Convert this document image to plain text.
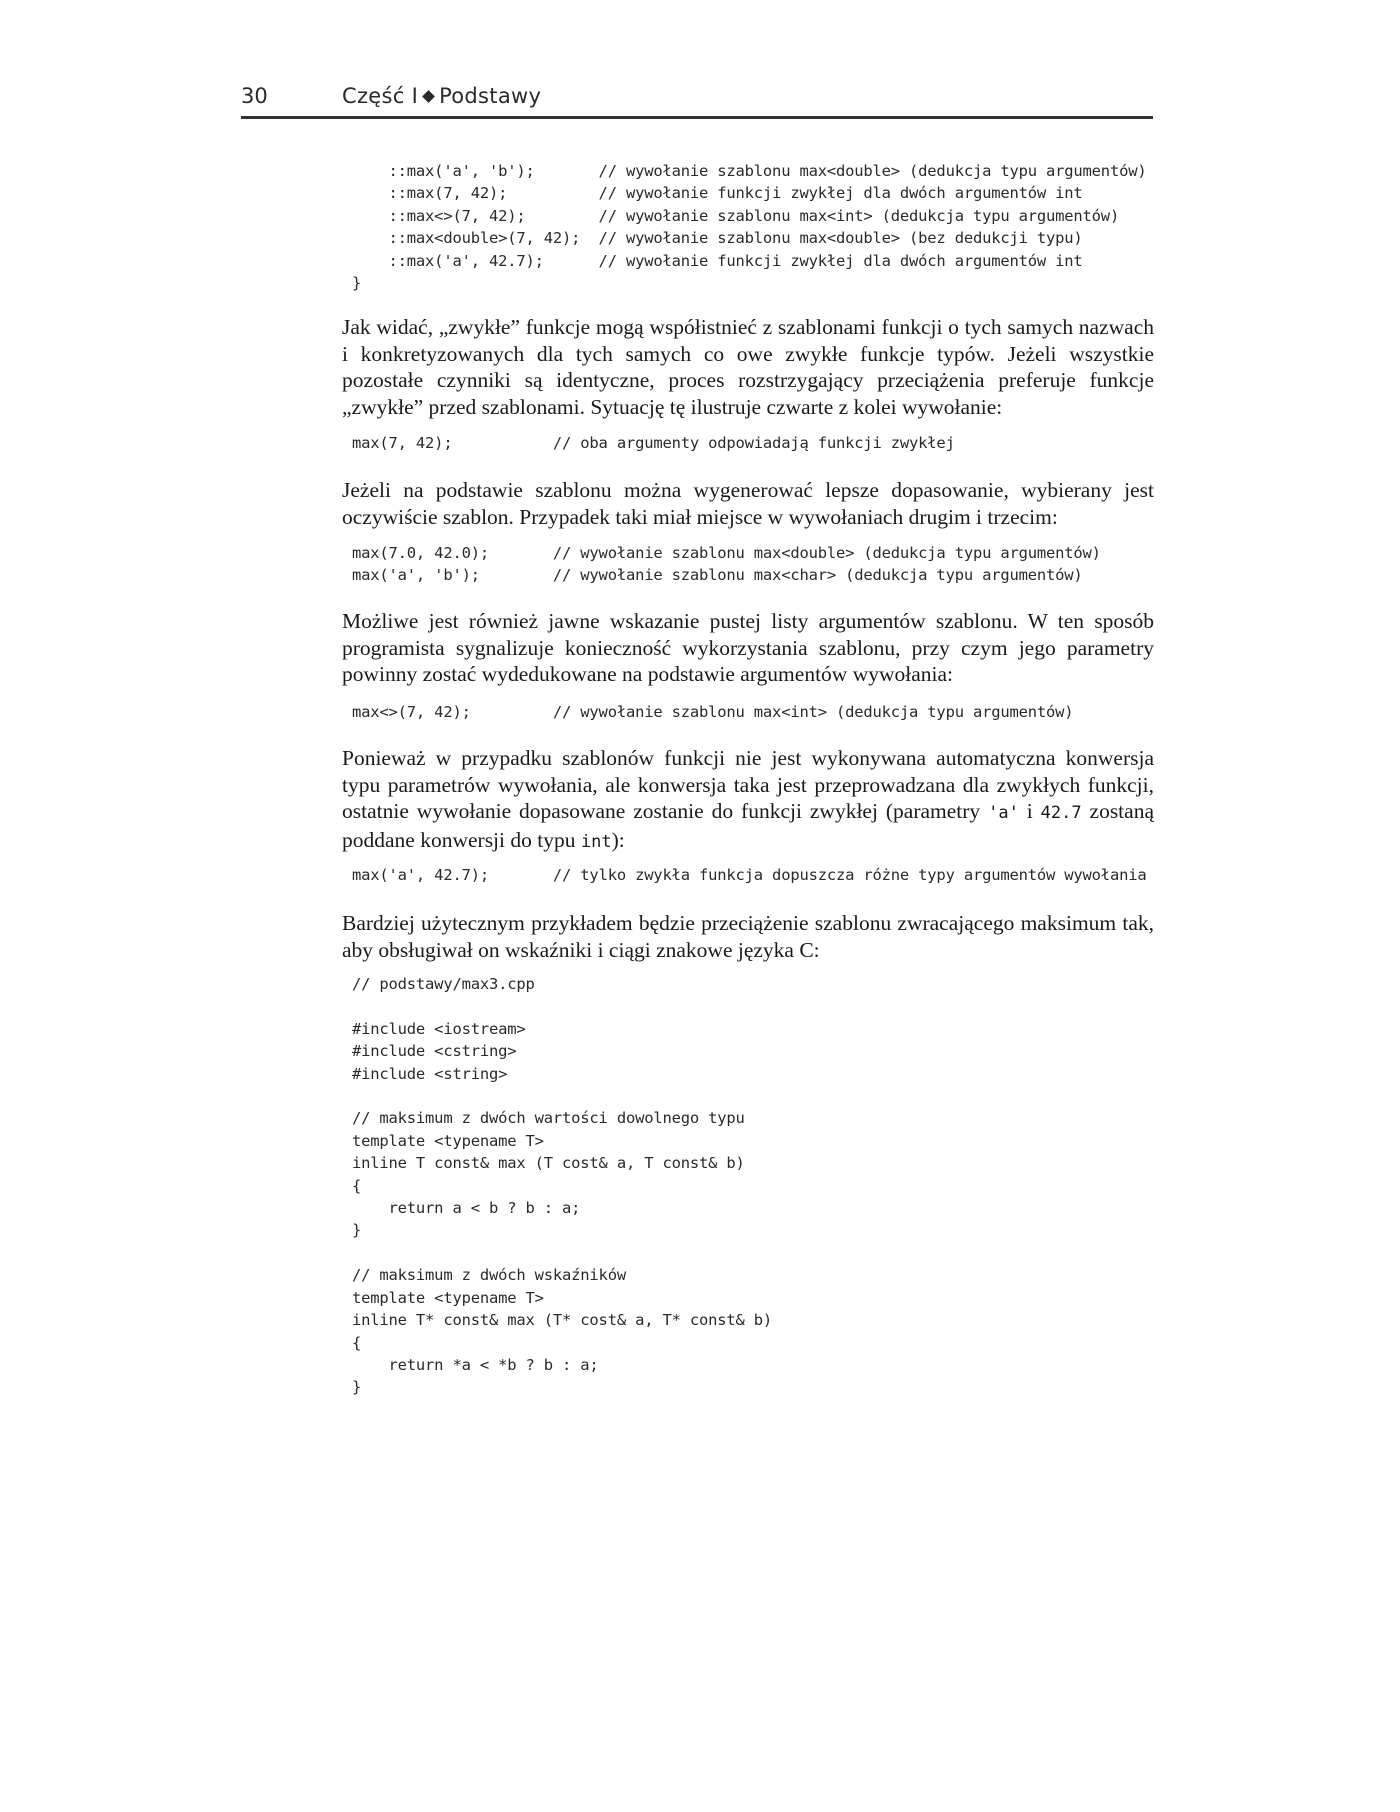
30	Część I Podstawy
::max('a', 'b');       // wywołanie szablonu max<double> (dedukcja typu argumentów)
::max(7, 42);          // wywołanie funkcji zwykłej dla dwóch argumentów int
::max<>(7, 42);        // wywołanie szablonu max<int> (dedukcja typu argumentów)
::max<double>(7, 42);  // wywołanie szablonu max<double> (bez dedukcji typu)
::max('a', 42.7);      // wywołanie funkcji zwykłej dla dwóch argumentów int
}

Jak widać, „zwykłe” funkcje mogą współistnieć z szablonami funkcji o tych samych nazwach i konkretyzowanych dla tych samych co owe zwykłe funkcje typów. Jeżeli wszystkie pozostałe czynniki są identyczne, proces rozstrzygający przeciążenia preferuje funkcje „zwykłe” przed szablonami. Sytuację tę ilustruje czwarte z kolei wywołanie:

max(7, 42);           // oba argumenty odpowiadają funkcji zwykłej

Jeżeli na podstawie szablonu można wygenerować lepsze dopasowanie, wybierany jest oczywiście szablon. Przypadek taki miał miejsce w wywołaniach drugim i trzecim:

max(7.0, 42.0);       // wywołanie szablonu max<double> (dedukcja typu argumentów)
max('a', 'b');        // wywołanie szablonu max<char> (dedukcja typu argumentów)

Możliwe jest również jawne wskazanie pustej listy argumentów szablonu. W ten sposób programista sygnalizuje konieczność wykorzystania szablonu, przy czym jego parametry powinny zostać wydedukowane na podstawie argumentów wywołania:

max<>(7, 42);         // wywołanie szablonu max<int> (dedukcja typu argumentów)

Ponieważ w przypadku szablonów funkcji nie jest wykonywana automatyczna konwersja typu parametrów wywołania, ale konwersja taka jest przeprowadzana dla zwykłych funkcji, ostatnie wywołanie dopasowane zostanie do funkcji zwykłej (parametry 'a' i 42.7 zostaną poddane konwersji do typu int):

max('a', 42.7);       // tylko zwykła funkcja dopuszcza różne typy argumentów wywołania

Bardziej użytecznym przykładem będzie przeciążenie szablonu zwracającego maksimum tak, aby obsługiwał on wskaźniki i ciągi znakowe języka C:

// podstawy/max3.cpp

#include <iostream>
#include <cstring>
#include <string>

// maksimum z dwóch wartości dowolnego typu
template <typename T>
inline T const& max (T cost& a, T const& b)
{
return a < b ? b : a;
}

// maksimum z dwóch wskaźników
template <typename T>
inline T* const& max (T* cost& a, T* const& b)
{
return *a < *b ? b : a;
}
